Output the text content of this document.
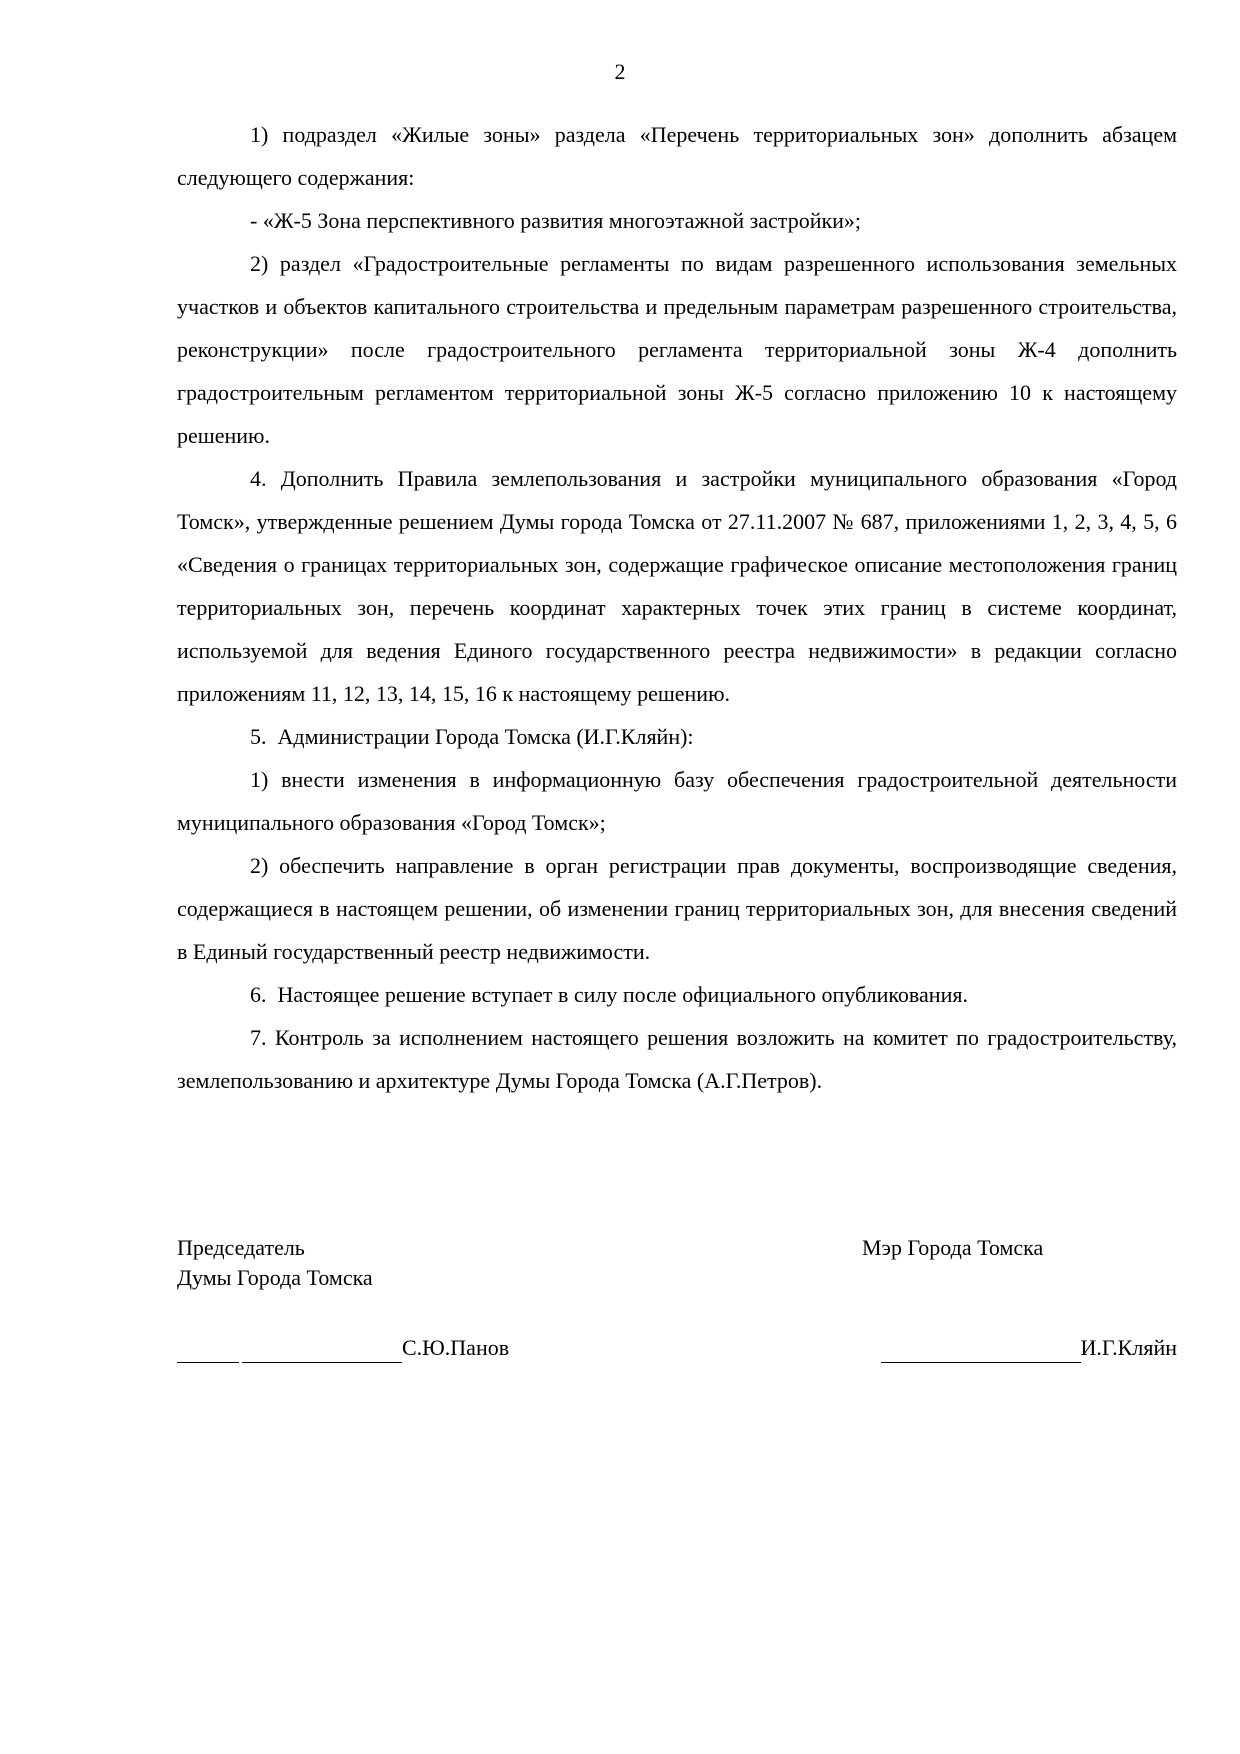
2

1) подраздел «Жилые зоны» раздела «Перечень территориальных зон» дополнить абзацем следующего содержания:

- «Ж-5 Зона перспективного развития многоэтажной застройки»;

2) раздел «Градостроительные регламенты по видам разрешенного использования земельных участков и объектов капитального строительства и предельным параметрам разрешенного строительства, реконструкции» после градостроительного регламента территориальной зоны Ж-4 дополнить градостроительным регламентом территориальной зоны Ж-5 согласно приложению 10 к настоящему решению.

4. Дополнить Правила землепользования и застройки муниципального образования «Город Томск», утвержденные решением Думы города Томска от 27.11.2007 № 687, приложениями 1, 2, 3, 4, 5, 6 «Сведения о границах территориальных зон, содержащие графическое описание местоположения границ территориальных зон, перечень координат характерных точек этих границ в системе координат, используемой для ведения Единого государственного реестра недвижимости» в редакции согласно приложениям 11, 12, 13, 14, 15, 16 к настоящему решению.

5.  Администрации Города Томска (И.Г.Кляйн):

1) внести изменения в информационную базу обеспечения градостроительной деятельности муниципального образования «Город Томск»;

2) обеспечить направление в орган регистрации прав документы, воспроизводящие сведения, содержащиеся в настоящем решении, об изменении границ территориальных зон, для внесения сведений в Единый государственный реестр недвижимости.

6.  Настоящее решение вступает в силу после официального опубликования.

7. Контроль за исполнением настоящего решения возложить на комитет по градостроительству, землепользованию и архитектуре Думы Города Томска (А.Г.Петров).

Председатель
Думы Города Томска
Мэр Города Томска
С.Ю.Панов	И.Г.Кляйн
